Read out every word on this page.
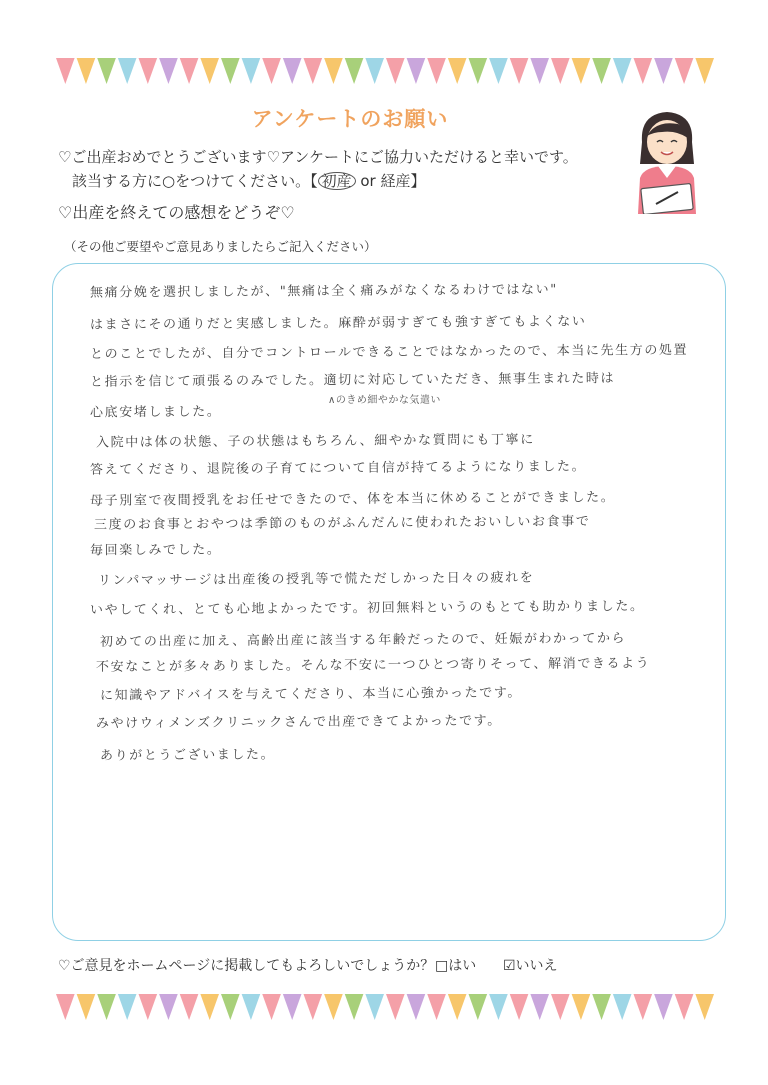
アンケートのお願い
♡ご出産おめでとうございます♡アンケートにご協力いただけると幸いです。
該当する方に○をつけてください。【 初産 or 経産】
♡出産を終えての感想をどうぞ♡
（その他ご要望やご意見ありましたらご記入ください）
無痛分娩を選択しましたが、"無痛は全く痛みがなくなるわけではない"
はまさにその通りだと実感しました。麻酔が弱すぎても強すぎてもよくない
とのことでしたが、自分でコントロールできることではなかったので、本当に先生方の処置
と指示を信じて頑張るのみでした。適切に対応していただき、無事生まれた時は
心底安堵しました。
∧のきめ細やかな気遣い
入院中は体の状態、子の状態はもちろん、細やかな質問にも丁寧に
答えてくださり、退院後の子育てについて自信が持てるようになりました。
母子別室で夜間授乳をお任せできたので、体を本当に休めることができました。
三度のお食事とおやつは季節のものがふんだんに使われたおいしいお食事で
毎回楽しみでした。
リンパマッサージは出産後の授乳等で慌ただしかった日々の疲れを
いやしてくれ、とても心地よかったです。初回無料というのもとても助かりました。
初めての出産に加え、高齢出産に該当する年齢だったので、妊娠がわかってから
不安なことが多々ありました。そんな不安に一つひとつ寄りそって、解消できるよう
に知識やアドバイスを与えてくださり、本当に心強かったです。
みやけウィメンズクリニックさんで出産できてよかったです。
ありがとうございました。
♡ご意見をホームページに掲載してもよろしいでしょうか？ □はい ☑いいえ
